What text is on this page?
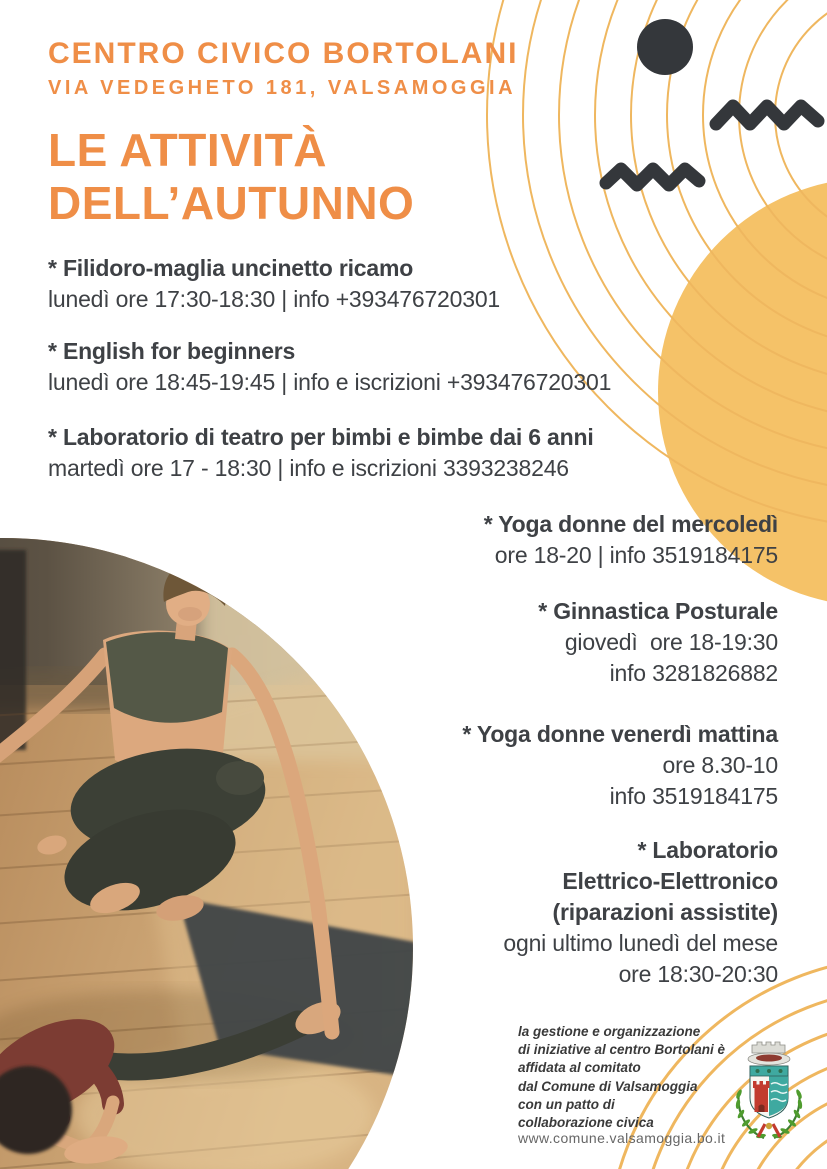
CENTRO CIVICO BORTOLANI
VIA VEDEGHETO 181, VALSAMOGGIA
LE ATTIVITÀ
DELL’AUTUNNO
* Filidoro-maglia uncinetto ricamo
lunedì ore 17:30-18:30 | info +393476720301
* English for beginners
lunedì ore 18:45-19:45 | info e iscrizioni +393476720301
* Laboratorio di teatro per bimbi e bimbe dai 6 anni
martedì ore 17 - 18:30 | info e iscrizioni 3393238246
* Yoga donne del mercoledì
ore 18-20 | info 3519184175
* Ginnastica Posturale
giovedì  ore 18-19:30
info 3281826882
* Yoga donne venerdì mattina
ore 8.30-10
info 3519184175
* Laboratorio
Elettrico-Elettronico
(riparazioni assistite)
ogni ultimo lunedì del mese
ore 18:30-20:30
la gestione e organizzazione
di iniziative al centro Bortolani è
affidata al comitato
dal Comune di Valsamoggia
con un patto di
collaborazione civica
www.comune.valsamoggia.bo.it
